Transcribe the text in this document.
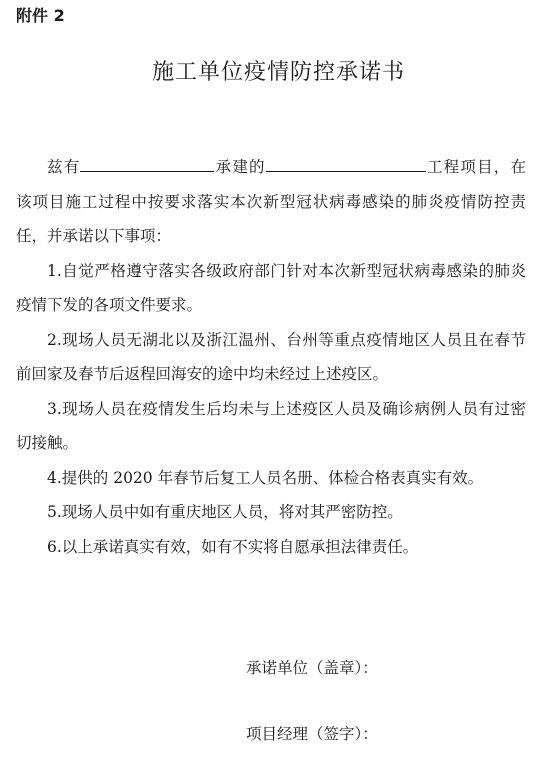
附件 2
施工单位疫情防控承诺书

兹有	承建的	工程项目，在该项目施工过程中按要求落实本次新型冠状病毒感染的肺炎疫情防控责任，并承诺以下事项：

1.自觉严格遵守落实各级政府部门针对本次新型冠状病毒感染的肺炎疫情下发的各项文件要求。

2.现场人员无湖北以及浙江温州、台州等重点疫情地区人员且在春节前回家及春节后返程回海安的途中均未经过上述疫区。

3.现场人员在疫情发生后均未与上述疫区人员及确诊病例人员有过密切接触。

4.提供的 2020 年春节后复工人员名册、体检合格表真实有效。

5.现场人员中如有重庆地区人员，将对其严密防控。

6.以上承诺真实有效，如有不实将自愿承担法律责任。

承诺单位（盖章）：
项目经理（签字）：
